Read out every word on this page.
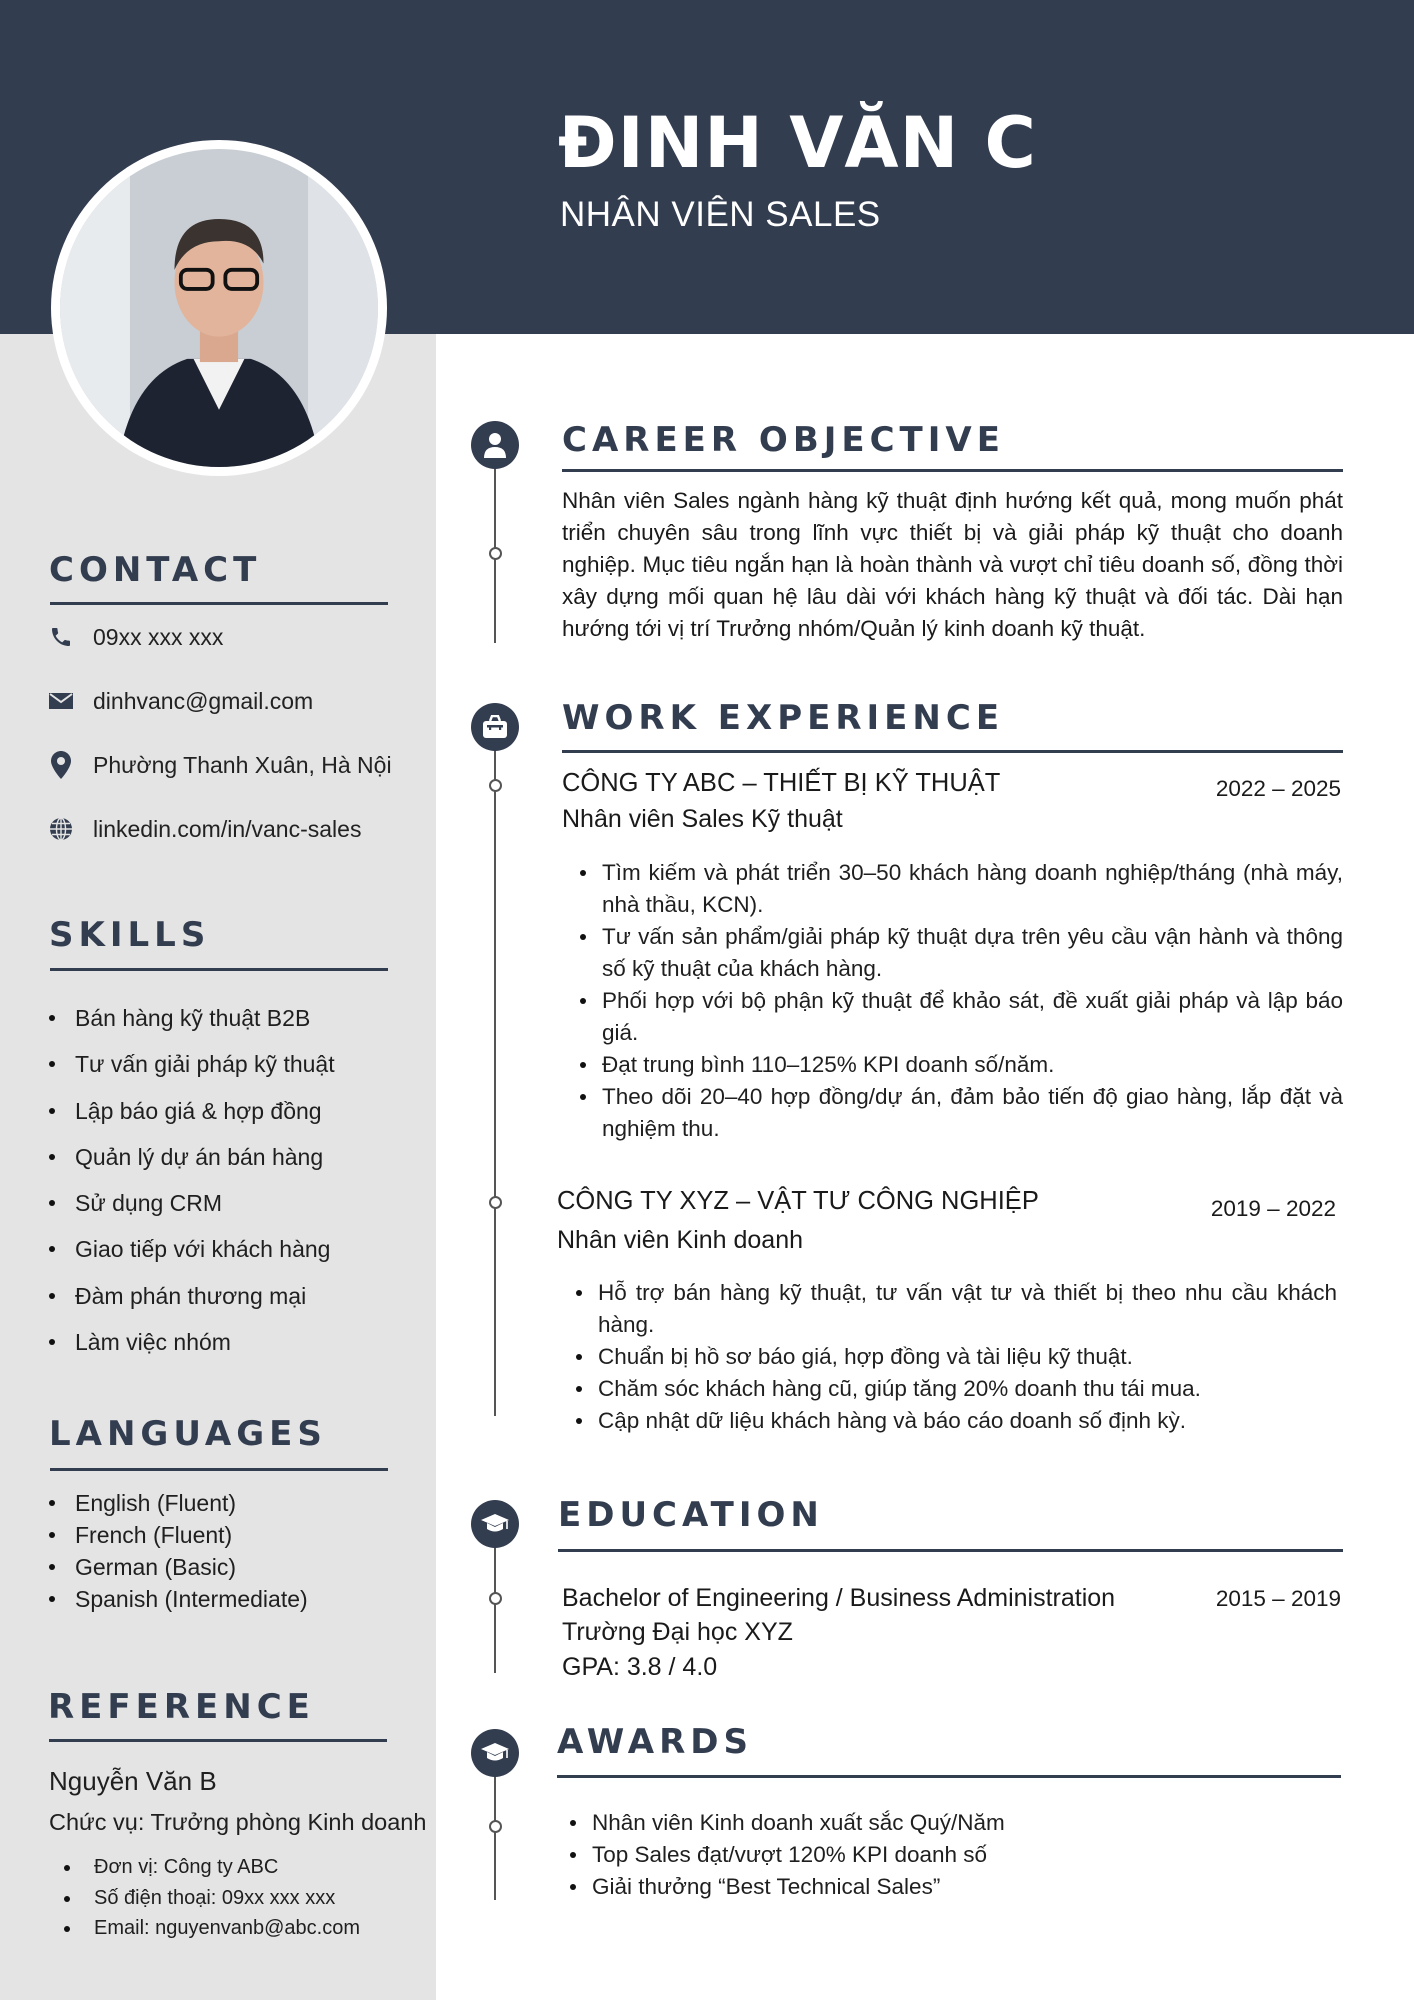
ĐINH VĂN C
NHÂN VIÊN SALES
CONTACT
09xx xxx xxx
dinhvanc@gmail.com
Phường Thanh Xuân, Hà Nội
linkedin.com/in/vanc-sales
SKILLS
Bán hàng kỹ thuật B2B
Tư vấn giải pháp kỹ thuật
Lập báo giá & hợp đồng
Quản lý dự án bán hàng
Sử dụng CRM
Giao tiếp với khách hàng
Đàm phán thương mại
Làm việc nhóm
LANGUAGES
English (Fluent)
French (Fluent)
German (Basic)
Spanish (Intermediate)
REFERENCE
Nguyễn Văn B
Chức vụ: Trưởng phòng Kinh doanh
Đơn vị: Công ty ABC
Số điện thoại: 09xx xxx xxx
Email: nguyenvanb@abc.com
CAREER OBJECTIVE
Nhân viên Sales ngành hàng kỹ thuật định hướng kết quả, mong muốn phát triển chuyên sâu trong lĩnh vực thiết bị và giải pháp kỹ thuật cho doanh nghiệp. Mục tiêu ngắn hạn là hoàn thành và vượt chỉ tiêu doanh số, đồng thời xây dựng mối quan hệ lâu dài với khách hàng kỹ thuật và đối tác. Dài hạn hướng tới vị trí Trưởng nhóm/Quản lý kinh doanh kỹ thuật.
WORK EXPERIENCE
CÔNG TY ABC – THIẾT BỊ KỸ THUẬT	2022 – 2025
Nhân viên Sales Kỹ thuật
Tìm kiếm và phát triển 30–50 khách hàng doanh nghiệp/tháng (nhà máy, nhà thầu, KCN).
Tư vấn sản phẩm/giải pháp kỹ thuật dựa trên yêu cầu vận hành và thông số kỹ thuật của khách hàng.
Phối hợp với bộ phận kỹ thuật để khảo sát, đề xuất giải pháp và lập báo giá.
Đạt trung bình 110–125% KPI doanh số/năm.
Theo dõi 20–40 hợp đồng/dự án, đảm bảo tiến độ giao hàng, lắp đặt và nghiệm thu.
CÔNG TY XYZ – VẬT TƯ CÔNG NGHIỆP	2019 – 2022
Nhân viên Kinh doanh
Hỗ trợ bán hàng kỹ thuật, tư vấn vật tư và thiết bị theo nhu cầu khách hàng.
Chuẩn bị hồ sơ báo giá, hợp đồng và tài liệu kỹ thuật.
Chăm sóc khách hàng cũ, giúp tăng 20% doanh thu tái mua.
Cập nhật dữ liệu khách hàng và báo cáo doanh số định kỳ.
EDUCATION
Bachelor of Engineering / Business Administration	2015 – 2019
Trường Đại học XYZ
GPA: 3.8 / 4.0
AWARDS
Nhân viên Kinh doanh xuất sắc Quý/Năm
Top Sales đạt/vượt 120% KPI doanh số
Giải thưởng “Best Technical Sales”
